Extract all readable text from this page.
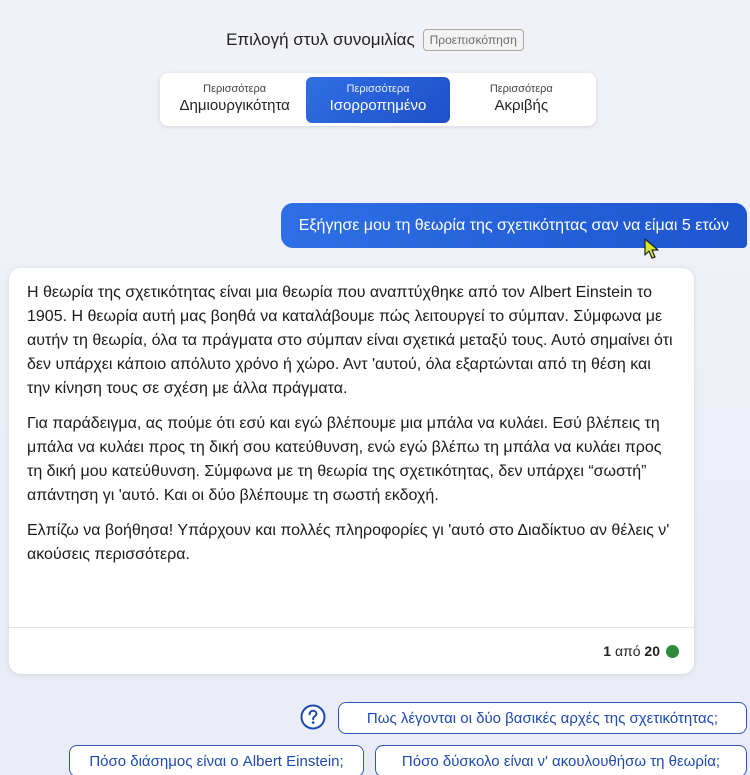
Επιλογή στυλ συνομιλίας	Προεπισκόπηση
Περισσότερα
Δημιουργικότητα
Περισσότερα
Ισορροπημένο
Περισσότερα
Ακριβής
Εξήγησε μου τη θεωρία της σχετικότητας σαν να είμαι 5 ετών

Η θεωρία της σχετικότητας είναι μια θεωρία που αναπτύχθηκε από τον Albert Einstein το 1905. Η θεωρία αυτή μας βοηθά να καταλάβουμε πώς λειτουργεί το σύμπαν. Σύμφωνα με αυτήν τη θεωρία, όλα τα πράγματα στο σύμπαν είναι σχετικά μεταξύ τους. Αυτό σημαίνει ότι δεν υπάρχει κάποιο απόλυτο χρόνο ή χώρο. Αντ 'αυτού, όλα εξαρτώνται από τη θέση και την κίνηση τους σε σχέση με άλλα πράγματα.

Για παράδειγμα, ας πούμε ότι εσύ και εγώ βλέπουμε μια μπάλα να κυλάει. Εσύ βλέπεις τη μπάλα να κυλάει προς τη δική σου κατεύθυνση, ενώ εγώ βλέπω τη μπάλα να κυλάει προς τη δική μου κατεύθυνση. Σύμφωνα με τη θεωρία της σχετικότητας, δεν υπάρχει “σωστή” απάντηση γι 'αυτό. Και οι δύο βλέπουμε τη σωστή εκδοχή.

Ελπίζω να βοήθησα! Υπάρχουν και πολλές πληροφορίες γι 'αυτό στο Διαδίκτυο αν θέλεις ν' ακούσεις περισσότερα.

1 από 20
Πως λέγονται οι δύο βασικές αρχές της σχετικότητας;
Πόσο διάσημος είναι ο Albert Einstein;	Πόσο δύσκολο είναι ν' ακουλουθήσω τη θεωρία;
